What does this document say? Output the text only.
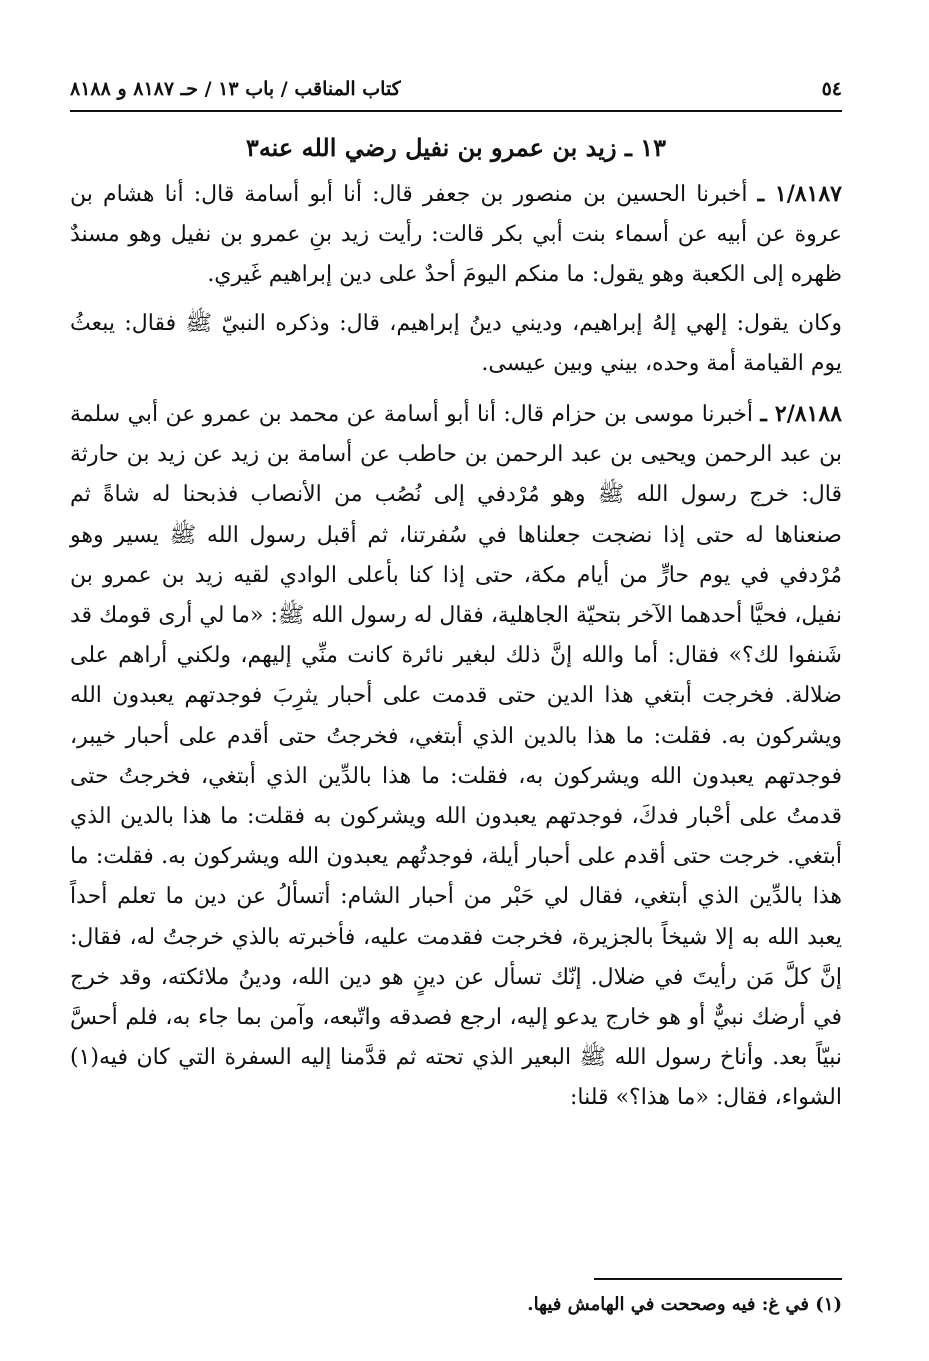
٥٤
كتاب المناقب / باب ١٣ / حـ ٨١٨٧ و ٨١٨٨
١٣ ـ زيد بن عمرو بن نفيل رضي الله عنه٣

١/٨١٨٧ ـ أخبرنا الحسين بن منصور بن جعفر قال: أنا أبو أسامة قال: أنا هشام بن عروة عن أبيه عن أسماء بنت أبي بكر قالت: رأيت زيد بنِ عمرو بن نفيل وهو مسندٌ ظهره إلى الكعبة وهو يقول: ما منكم اليومَ أحدٌ على دين إبراهيم غَيري.

وكان يقول: إلهي إلهُ إبراهيم، وديني دينُ إبراهيم، قال: وذكره النبيّ ﷺ فقال: يبعثُ يوم القيامة أمة وحده، بيني وبين عيسى.

٢/٨١٨٨ ـ أخبرنا موسى بن حزام قال: أنا أبو أسامة عن محمد بن عمرو عن أبي سلمة بن عبد الرحمن ويحيى بن عبد الرحمن بن حاطب عن أسامة بن زيد عن زيد بن حارثة قال: خرج رسول الله ﷺ وهو مُرْدفي إلى نُصُب من الأنصاب فذبحنا له شاةً ثم صنعناها له حتى إذا نضجت جعلناها في سُفرتنا، ثم أقبل رسول الله ﷺ يسير وهو مُرْدفي في يوم حارٍّ من أيام مكة، حتى إذا كنا بأعلى الوادي لقيه زيد بن عمرو بن نفيل، فحيَّا أحدهما الآخر بتحيّة الجاهلية، فقال له رسول الله ﷺ: «ما لي أرى قومك قد شَنفوا لك؟» فقال: أما والله إنَّ ذلك لبغير نائرة كانت منِّي إليهم، ولكني أراهم على ضلالة. فخرجت أبتغي هذا الدين حتى قدمت على أحبار يثرِبَ فوجدتهم يعبدون الله ويشركون به. فقلت: ما هذا بالدين الذي أبتغي، فخرجتُ حتى أقدم على أحبار خيبر، فوجدتهم يعبدون الله ويشركون به، فقلت: ما هذا بالدِّين الذي أبتغي، فخرجتُ حتى قدمتُ على أحْبار فدكَ، فوجدتهم يعبدون الله ويشركون به فقلت: ما هذا بالدين الذي أبتغي. خرجت حتى أقدم على أحبار أيلة، فوجدتُهم يعبدون الله ويشركون به. فقلت: ما هذا بالدِّين الذي أبتغي، فقال لي حَبْر من أحبار الشام: أتسألُ عن دين ما تعلم أحداً يعبد الله به إلا شيخاً بالجزيرة، فخرجت فقدمت عليه، فأخبرته بالذي خرجتُ له، فقال: إنَّ كلَّ مَن رأيتَ في ضلال. إنّك تسأل عن دينٍ هو دين الله، ودينُ ملائكته، وقد خرج في أرضك نبيٌّ أو هو خارج يدعو إليه، ارجع فصدقه واتّبعه، وآمن بما جاء به، فلم أحسَّ نبيّاً بعد. وأناخ رسول الله ﷺ البعير الذي تحته ثم قدَّمنا إليه السفرة التي كان فيه(١) الشواء، فقال: «ما هذا؟» قلنا:

(١) في غ: فيه وصححت في الهامش فيها.
